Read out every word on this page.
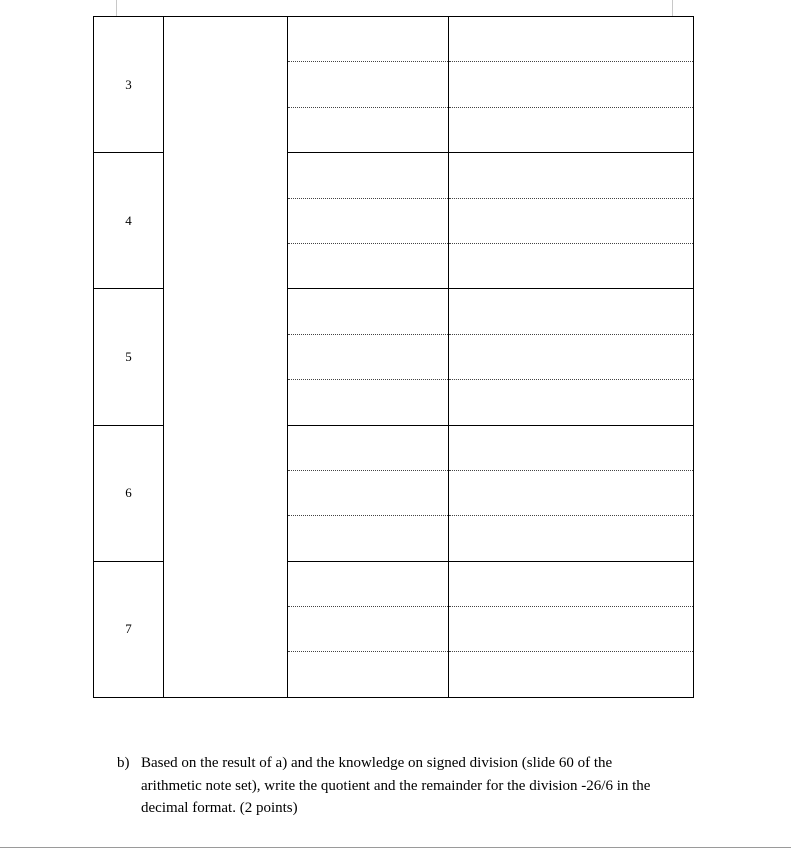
3			

4			

5			

6			

7			

b) Based on the result of a) and the knowledge on signed division (slide 60 of the arithmetic note set), write the quotient and the remainder for the division -26/6 in the decimal format. (2 points)
